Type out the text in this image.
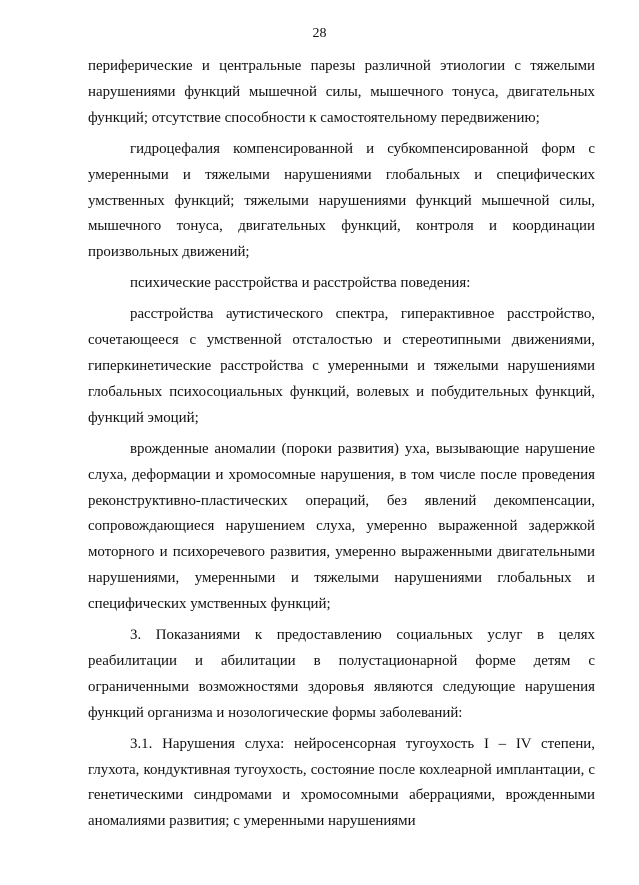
28

периферические и центральные парезы различной этиологии с тяжелыми нарушениями функций мышечной силы, мышечного тонуса, двигательных функций; отсутствие способности к самостоятельному передвижению;

гидроцефалия компенсированной и субкомпенсированной форм с умеренными и тяжелыми нарушениями глобальных и специфических умственных функций; тяжелыми нарушениями функций мышечной силы, мышечного тонуса, двигательных функций, контроля и координации произвольных движений;

психические расстройства и расстройства поведения:

расстройства аутистического спектра, гиперактивное расстройство, сочетающееся с умственной отсталостью и стереотипными движениями, гиперкинетические расстройства с умеренными и тяжелыми нарушениями глобальных психосоциальных функций, волевых и побудительных функций, функций эмоций;

врожденные аномалии (пороки развития) уха, вызывающие нарушение слуха, деформации и хромосомные нарушения, в том числе после проведения реконструктивно-пластических операций, без явлений декомпенсации, сопровождающиеся нарушением слуха, умеренно выраженной задержкой моторного и психоречевого развития, умеренно выраженными двигательными нарушениями, умеренными и тяжелыми нарушениями глобальных и специфических умственных функций;

3. Показаниями к предоставлению социальных услуг в целях реабилитации и абилитации в полустационарной форме детям с ограниченными возможностями здоровья являются следующие нарушения функций организма и нозологические формы заболеваний:

3.1. Нарушения слуха: нейросенсорная тугоухость I – IV степени, глухота, кондуктивная тугоухость, состояние после кохлеарной имплантации, с генетическими синдромами и хромосомными аберрациями, врожденными аномалиями развития; с умеренными нарушениями
